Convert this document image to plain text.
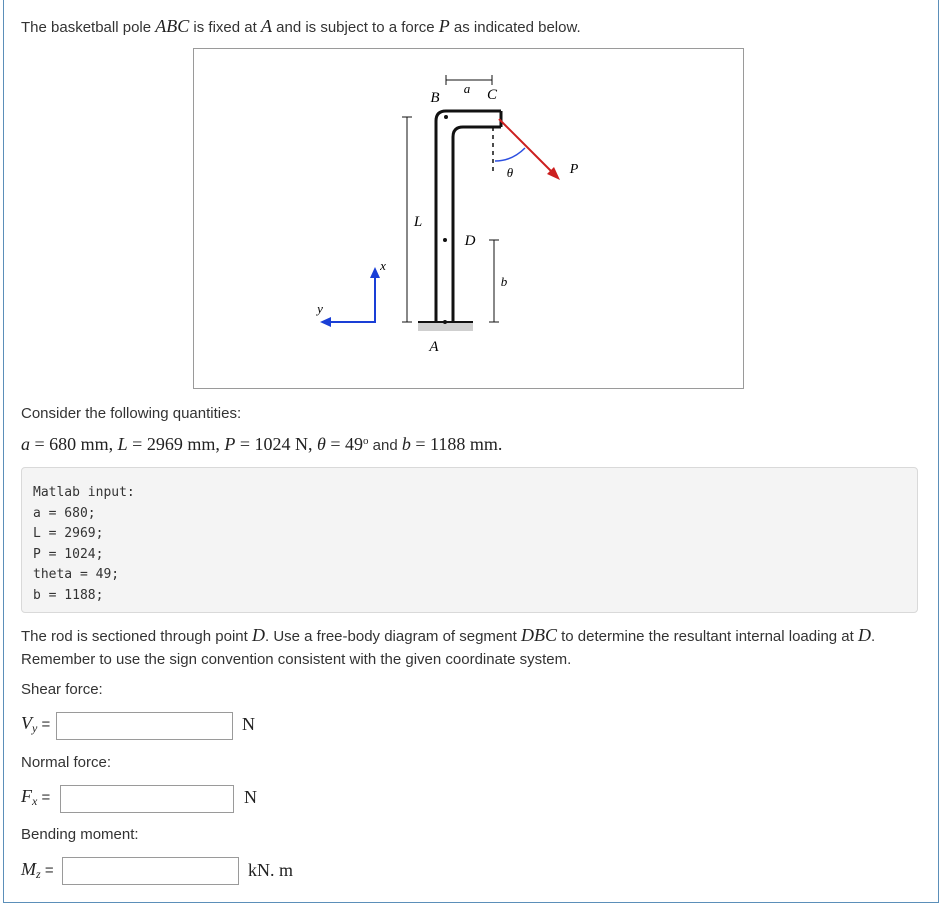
The basketball pole ABC is fixed at A and is subject to a force P as indicated below.
a
B	C
P
θ
L
D
b
x
y
A
Consider the following quantities:
a = 680 mm, L = 2969 mm, P = 1024 N, $\theta = 49^o$ and b = 1188 mm.
Matlab input:
a = 680;
L = 2969;
P = 1024;
theta = 49;
b = 1188;
The rod is sectioned through point D. Use a free-body diagram of segment DBC to determine the resultant internal loading at D.
Remember to use the sign convention consistent with the given coordinate system.
Shear force:
$V_y$ =	N
Normal force:
$F_x$ =	N
Bending moment:
$M_z$ =	kN. m
